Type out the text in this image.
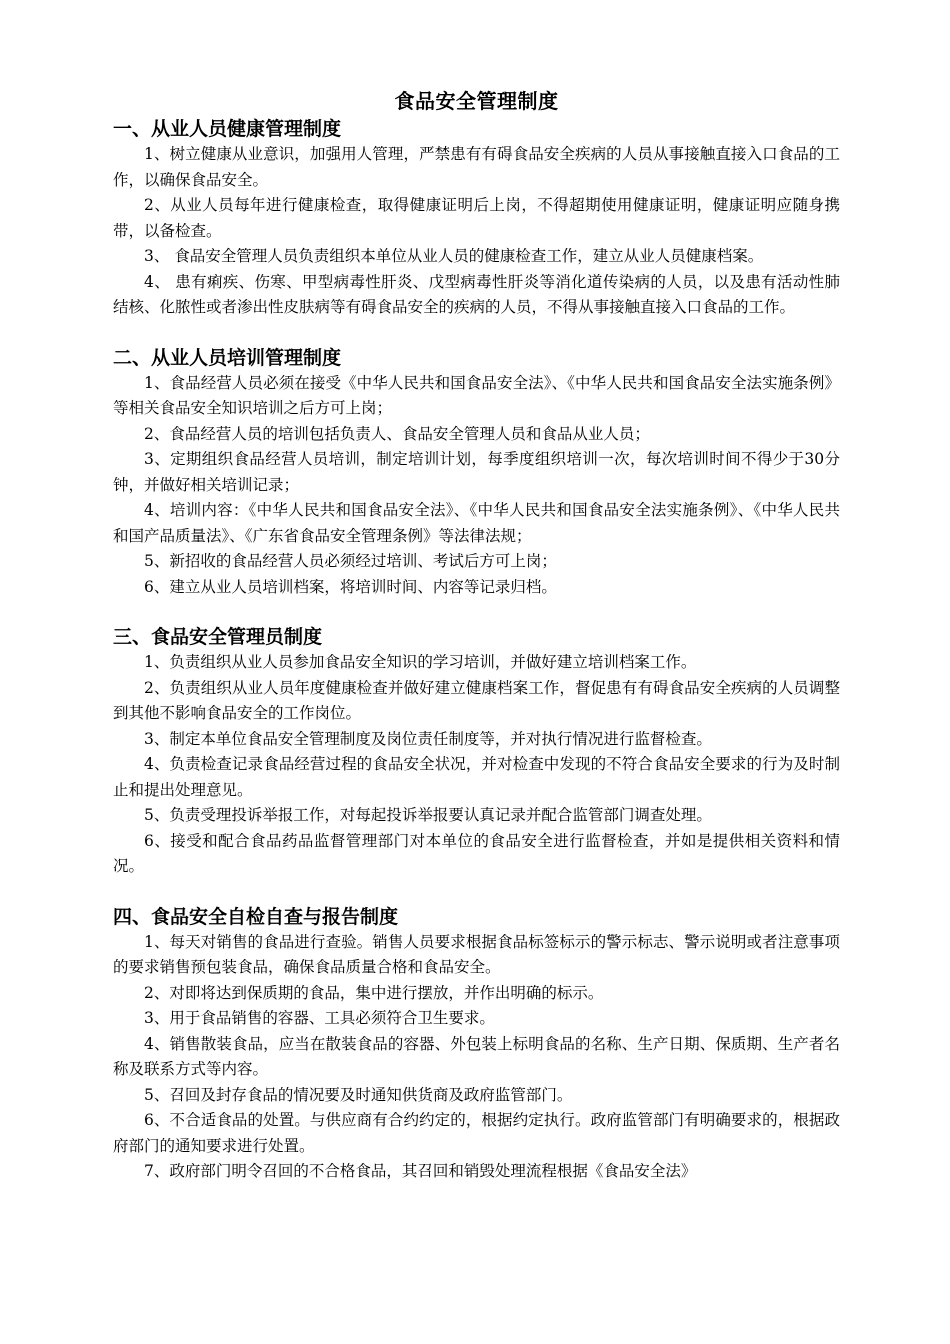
食品安全管理制度
一、从业人员健康管理制度

1、树立健康从业意识，加强用人管理，严禁患有有碍食品安全疾病的人员从事接触直接入口食品的工作，以确保食品安全。

2、从业人员每年进行健康检查，取得健康证明后上岗，不得超期使用健康证明，健康证明应随身携带，以备检查。

3、 食品安全管理人员负责组织本单位从业人员的健康检查工作，建立从业人员健康档案。

4、 患有痢疾、伤寒、甲型病毒性肝炎、戊型病毒性肝炎等消化道传染病的人员，以及患有活动性肺结核、化脓性或者渗出性皮肤病等有碍食品安全的疾病的人员，不得从事接触直接入口食品的工作。

二、从业人员培训管理制度

1、食品经营人员必须在接受《中华人民共和国食品安全法》、《中华人民共和国食品安全法实施条例》等相关食品安全知识培训之后方可上岗；

2、食品经营人员的培训包括负责人、食品安全管理人员和食品从业人员；

3、定期组织食品经营人员培训，制定培训计划，每季度组织培训一次，每次培训时间不得少于30分钟，并做好相关培训记录；

4、培训内容：《中华人民共和国食品安全法》、《中华人民共和国食品安全法实施条例》、《中华人民共和国产品质量法》、《广东省食品安全管理条例》等法律法规；

5、新招收的食品经营人员必须经过培训、考试后方可上岗；

6、建立从业人员培训档案，将培训时间、内容等记录归档。

三、食品安全管理员制度

1、负责组织从业人员参加食品安全知识的学习培训，并做好建立培训档案工作。

2、负责组织从业人员年度健康检查并做好建立健康档案工作，督促患有有碍食品安全疾病的人员调整到其他不影响食品安全的工作岗位。

3、制定本单位食品安全管理制度及岗位责任制度等，并对执行情况进行监督检查。

4、负责检查记录食品经营过程的食品安全状况，并对检查中发现的不符合食品安全要求的行为及时制止和提出处理意见。

5、负责受理投诉举报工作，对每起投诉举报要认真记录并配合监管部门调查处理。

6、接受和配合食品药品监督管理部门对本单位的食品安全进行监督检查，并如是提供相关资料和情况。

四、食品安全自检自查与报告制度

1、每天对销售的食品进行查验。销售人员要求根据食品标签标示的警示标志、警示说明或者注意事项的要求销售预包装食品，确保食品质量合格和食品安全。

2、对即将达到保质期的食品，集中进行摆放，并作出明确的标示。

3、用于食品销售的容器、工具必须符合卫生要求。

4、销售散装食品，应当在散装食品的容器、外包装上标明食品的名称、生产日期、保质期、生产者名称及联系方式等内容。

5、召回及封存食品的情况要及时通知供货商及政府监管部门。

6、不合适食品的处置。与供应商有合约约定的，根据约定执行。政府监管部门有明确要求的，根据政府部门的通知要求进行处置。

7、政府部门明令召回的不合格食品，其召回和销毁处理流程根据《食品安全法》
